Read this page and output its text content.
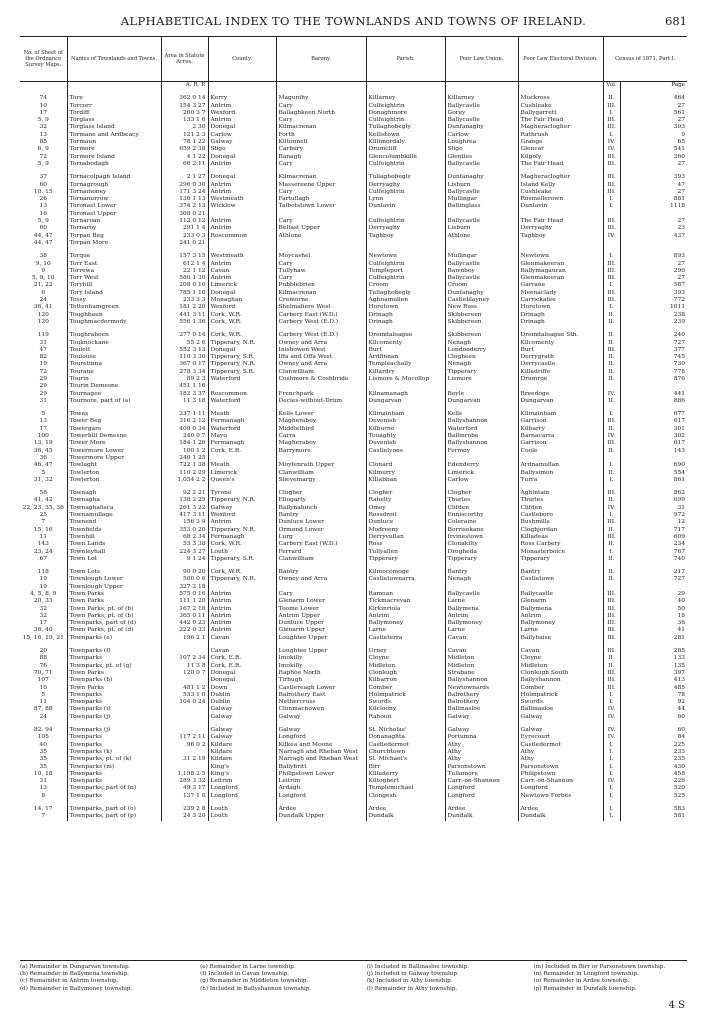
ALPHABETICAL INDEX TO THE TOWNLANDS AND TOWNS OF IRELAND.	681
No. of Sheet of the Ordnance Survey Maps.	Names of Townlands and Towns.	Area in Statute Acres.	County.	Barony.	Parish.	Poor Law Union.	Poor Law Electoral Division.	Census of 1871, Part I.	
		A. R. P.						Vol.	Page
74	Tore	362 0 14	Kerry	Magunihy	Killarney	Killarney	Muckross	II.	464
10	Torcorr	154 3 27	Antrim	Cary	Culfeightrin	Ballycastle	Cushleake	III.	27
17	Tordiff	260 3 7	Wexford	Ballaghkeen North	Donaghmore	Gorey	Ballygarrett	I.	561
5, 9	Torglass	133 1 6	Antrim	Cary	Culfeightrin	Ballycastle	The Fair Head	III.	27
32	Torglass Island	2 30	Donegal	Kilmacrenan	Tullaghobegly	Dunfanaghy	Magheraclogher	III.	393
13	Tormane and Ardbeacy	121 2 3	Carlow	Forth	Kellistown	Carlow	Rathrush	I.	9
85	Tormaun	78 1 22	Galway	Kiltonnell	Killimordaly	Loughrea	Grange	IV.	65
6, 9	Tormore	659 2 38	Sligo	Carbury	Drumcliff	Sligo	Glencar	IV.	541
72	Tormore Island	4 1 22	Donegal	Banagh	Glencolumbkille	Glenties	Kilgoly	III.	360
5, 9	Tornabodagh	66 2 11	Antrim	Cary	Culfeightrin	Ballycastle	The Fair Head	III.	27
37	Tornacolpagh Island	2 1 27	Donegal	Kilmacrenan	Tullaghobegly	Dunfanaghy	Magheraclogher	III.	393
60	Tornagrough	296 0 30	Antrim	Massereene Upper	Derryaghy	Lisburn	Island Kelly	III.	47
10, 15	Tornamoney	171 3 24	Antrim	Cary	Culfeightrin	Ballycastle	Cushleake	III.	27
26	Tornanurrow	136 1 13	Westmeath	Fartullagh	Lynn	Mullingar	Rosmellerown	I.	881
13	Toronast Lower	374 2 13	Wicklow	Talbotstown Lower	Dunlavin	Baltinglass	Dunlavin	I.	1118
16	Toronast Upper	308 0 21							
5, 9	Tornaroan	112 0 12	Antrim	Cary	Culfeightrin	Ballycastle	The Fair Head	III.	27
60	Tornaroy	291 1 4	Antrim	Belfast Upper	Derryaghy	Lisburn	Derryaghy	III.	23
44, 47	Torpan Beg	233 0 3	Roscommon	Athlone	Taghboy	Athlone	Taghboy	IV.	437
44, 47	Torpan More	241 0 21							
38	Torque	157 3 15	Westmeath	Moycashel	Newtown	Mullingar	Newtown	I.	893
9, 10	Torr East	612 1 4	Antrim	Cary	Culfeightrin	Ballycastle	Glenmakeeran	III.	27
9	Torrewa	22 1 12	Cavan	Tullyhaw	Templeport	Bawnboy	Ballymagauran	III.	296
5, 9, 10	Torr West	580 1 30	Antrim	Cary	Culfeightrin	Ballycastle	Glenmakeeran	III.	27
21, 22	Toryhill	208 0 16	Limerick	Pubblebrien	Croom	Croom	Garrane	I.	587
6	Tory Island	785 1 10	Donegal	Kilmacrenan	Tullaghobegly	Dunfanaghy	Meenaclady	III.	393
24	Tossy	233 3 3	Monaghan	Cremorne	Aghnamullen	Castleblayney	Carrickatee	III.	772
36, 41	Tottenhamgreen	181 2 20	Wexford	Shelmaliere West	Horetown	New Ross	Horetown	I.	1011
120	Toughbaun	441 3 11	Cork, W.R.	Carbery East (W.D.)	Drinagh	Skibbereen	Drinagh	II.	238
120	Toughmacdermody	556 1 36	Cork, W.R.	Carbery West (E.D.)	Drinagh	Skibbereen	Drinagh	II.	239
119	Toughraheen	277 0 14	Cork, W.R.	Carbery West (E.D.)	Dromdaleague	Skibbereen	Dromdaleague Sth.	II.	240
31	Touknockane	55 2 6	Tipperary, N.R.	Owney and Arra	Kilcomenty	Nenagh	Kilcomenty	II.	727
47	Toulett	552 3 13	Donegal	Inishowen West	Burt	Londonderry	Burt	III.	377
82	Toulouse	110 3 36	Tipperary, S.R.	Iffa and Offa West	Ardfinnan	Clogheen	Derrygrath	II.	745
19	Touretinna	367 0 17	Tipperary, N.R.	Owney and Arra	Templeachally	Nenagh	Derrycastle	II.	730
72	Tourane	278 3 34	Tipperary, S.R.	Clanwilliam	Killardry	Tipperary	Killadriffe	II.	778
29	Tourin	89 2 3	Waterford	Coshmore & Coshbride	Lismore & Mocollop	Lismore	Drumroe	II.	876
29	Tourin Demesne	451 1 16							
29	Tournagee	182 3 37	Roscommon	Frenchpark	Kilnamanagh	Boyle	Breedoge	IV.	441
31	Tournore, part of (a)	11 3 18	Waterford	Decies-without-Drum	Dungarvan	Dungarvan	Dungarvan	II.	886
5	Towas	237 1 11	Meath	Kells Lower	Kilmainham	Kells	Kilmainham	I.	677
13	Tower Beg	316 2 12	Fermanagh	Magheraboy	Devenish	Ballyshannon	Garrison	III.	617
17	Towergare	409 0 34	Waterford	Middlethird	Kilburne	Waterford	Kilbarry	II.	301
100	Towerhill Demesne	240 0 7	Mayo	Carra	Touaghty	Ballinrobe	Barnacarra	IV.	302
13, 19	Tower More	184 1 26	Fermanagh	Magheraboy	Devenish	Ballyshannon	Garrison	III.	617
36, 45	Towermore Lower	100 1 2	Cork, E.R.	Barrymore	Castlelyons	Fermoy	Coole	II.	143
36	Towermore Upper	240 1 25							
46, 47	Towlaght	722 1 38	Meath	Moyfenrath Upper	Clonard	Edenderry	Ardnamullan	I.	690
5	Towlerton	110 2 29	Limerick	Clanwilliam	Kilmurry	Limerick	Ballysimon	II.	554
31, 32	Towlerton	1,054 2 2	Queen's	Slievemargy	Killabban	Carlow	Turra	I.	861
58	Townagh	92 2 21	Tyrone	Clogher	Clogher	Clogher	Aghintain	III.	862
41, 42	Townagha	138 2 25	Tipperary, N.R.	Eliogarty	Rahelty	Thurles	Thurles	II.	699
22, 23, 35, 36	Townaghalisca	261 3 22	Galway	Ballynahinch	Omey	Clifden	Clifden	IV.	31
25	Townamullage	417 3 11	Wexford	Bantry	Rossdroit	Enniscorthy	Castleboro	I.	972
7	Townend	156 3 9	Antrim	Dunluce Lower	Dunluce	Coleraine	Bushmills	III.	12
15, 16	Townfields	353 0 20	Tipperary, N.R.	Ormond Lower	Modreeny	Borrisokane	Cloghjordan	II.	717
11	Townhill	68 2 34	Fermanagh	Lurg	Derryvullan	Irvinestown	Killadeas	III.	609
143	Town Lands	53 3 38	Cork, W.R.	Carbery East (W.D.)	Ross	Clonakilty	Ross Carbery	II.	234
23, 24	Townleyhall	224 3 27	Louth	Ferrard	Tullyallen	Drogheda	Monasterboice	I.	767
67	Town Lot	9 1 24	Tipperary, S.R.	Clanwilliam	Tipperary	Tipperary	Tipperary	II.	740
118	Town Lots	90 0 20	Cork, W.R.	Bantry	Kilmocomoge	Bantry	Bantry	II.	217
19	Townlough Lower	500 0 6	Tipperary, N.R.	Owney and Arra	Castletownarra	Nenagh	Castletown	II.	727
19	Townlough Upper	327 2 18							
4, 5, 8, 9	Town Parks	575 0 16	Antrim	Cary	Ramoan	Ballycastle	Ballycastle	III.	29
20, 33	Town Parks	111 1 20	Antrim	Glenarm Lower	Tickmacrevan	Larne	Glenarm	III.	40
32	Town Parks, pt. of (b)	167 2 18	Antrim	Toome Lower	Kirkinriola	Ballymena	Ballymena	III.	50
32	Town Parks, pt. of (b)	365 0 11	Antrim	Antrim Upper	Antrim	Antrim	Antrim	III.	18
17	Townparks, part of (d)	442 0 23	Antrim	Dunluce Upper	Ballymoney	Ballymoney	Ballymoney	III.	36
36, 40	Town Parks, pt. of (d)	222 0 33	Antrim	Glenarm Upper	Larne	Larne	Larne	III.	41
15, 16, 19, 21	Townparks (e)	196 2 1	Cavan	Loughtee Upper	Castleterra	Cavan	Ballyhaise	III.	281
20	Townparks (f)		Cavan	Loughtee Upper	Urney	Cavan	Cavan	III.	285
88	Townparks	107 2 34	Cork, E.R.	Imokilly	Cloyne	Midleton	Cloyne	II.	133
76	Townparks, pt. of (g)	11 3 8	Cork, E.R.	Imokilly	Midleton	Midleton	Midleton	II.	135
70, 71	Town Parks	120 0 7	Donegal	Raphoe North	Clonleigh	Strabane	Clonleigh South	III.	397
107	Townparks (h)		Donegal	Tirhugh	Kilbarron	Ballyshannon	Ballyshannon	III.	413
10	Town Parks	481 1 2	Down	Castlereagh Lower	Comber	Newtownards	Comber	III.	485
5	Townparks	553 1 0	Dublin	Balrothery East	Holmpatrick	Balrothery	Holmpatrick	I.	78
11	Townparks	104 0 24	Dublin	Nethercross	Swords	Balrothery	Swords	I.	92
87, 88	Townparks (i)		Galway	Clonmacnowen	Kilcloony	Ballinasloe	Ballinasloe	IV.	44
24	Townparks (j)		Galway	Galway	Rahoon	Galway	Galway	IV.	60
82, 94	Townparks (j)		Galway	Galway	St. Nicholas'	Galway	Galway	IV.	60
105	Townparks	117 2 11	Galway	Longford	Donanaghta	Portumna	Eyrecourt	IV.	84
40	Townparks	96 0 2	Kildare	Kilkea and Moone	Castledermot	Athy	Castledermot	I.	225
35	Townparks (k)		Kildare	Narragh and Rheban West	Churchtown	Athy	Athy	I.	233
35	Townparks, pt. of (k)	31 2 19	Kildare	Narragh and Rheban West	St. Michael's	Athy	Athy	I.	235
35	Townparks (m)		King's	Ballybritt	Birr	Parsonstown	Parsonstown	I.	430
10, 18	Townparks	1,198 2 5	King's	Philipstown Lower	Killaderry	Tullamore	Philipstown	I.	458
31	Townparks	289 3 32	Leitrim	Leitrim	Kiltoghert	Carr.-on-Shannon	Carr.-on-Shannon	IV.	226
13	Townparks, part of (n)	49 3 17	Longford	Ardagh	Templemichael	Longford	Longford	I.	520
8	Townparks	137 1 0	Longford	Longford	Clongesh	Longford	Newtown Forbes	I.	525
14, 17	Townparks, part of (o)	239 2 8	Louth	Ardee	Ardee	Ardee	Ardee	I.	583
7	Townparks, part of (p)	24 3 20	Louth	Dundalk Upper	Dundalk	Dundalk	Dundalk	I.	581
(a) Remainder in Dungarvan township.
(b) Remainder in Ballymena township.
(c) Remainder in Antrim township.
(d) Remainder in Ballymoney township.
(e) Remainder in Larne township.
(f) Included in Cavan township.
(g) Remainder in Middleton township.
(h) Included in Ballyshannon township.
(i) Included in Ballinasloe township.
(j) Included in Galway township.
(k) Included in Athy township.
(l) Remainder in Athy township.
(m) Included in Birr or Parsonstown township.
(n) Remainder in Longford township.
(o) Remainder in Ardee township.
(p) Remainder in Dundalk township.
4 S
